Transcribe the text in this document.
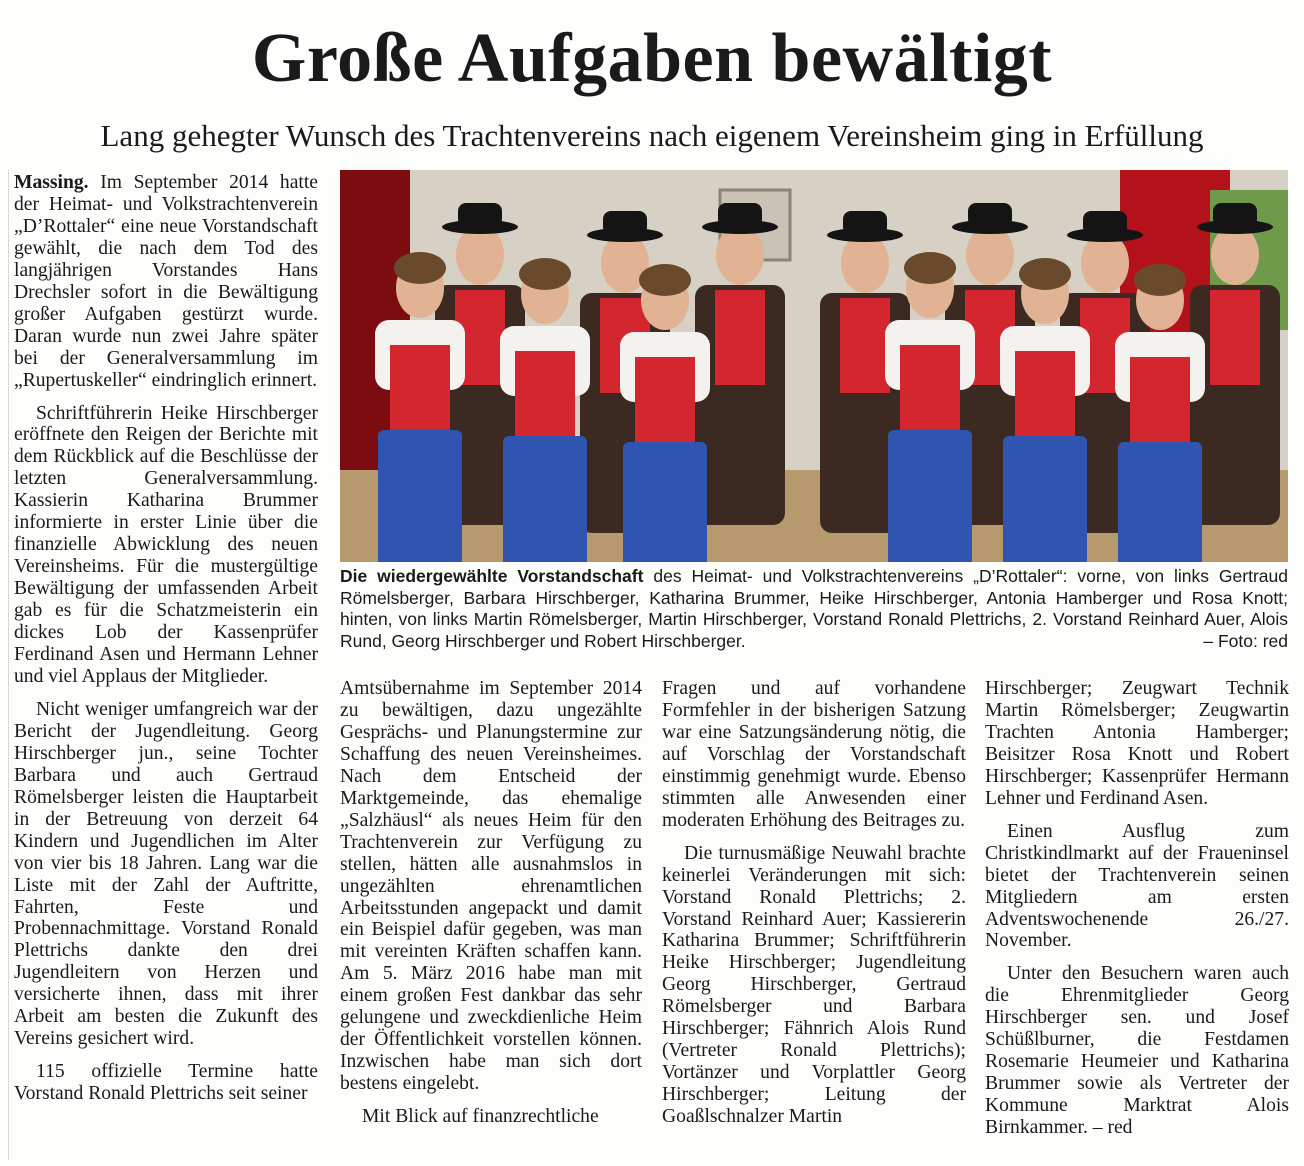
Große Aufgaben bewältigt
Lang gehegter Wunsch des Trachtenvereins nach eigenem Vereinsheim ging in Erfüllung

Massing. Im September 2014 hatte der Heimat- und Volkstrachtenverein „D’Rottaler“ eine neue Vorstandschaft gewählt, die nach dem Tod des langjährigen Vorstandes Hans Drechsler sofort in die Bewältigung großer Aufgaben gestürzt wurde. Daran wurde nun zwei Jahre später bei der Generalversammlung im „Rupertuskeller“ eindringlich erinnert.

Schriftführerin Heike Hirschberger eröffnete den Reigen der Berichte mit dem Rückblick auf die Beschlüsse der letzten Generalversammlung. Kassierin Katharina Brummer informierte in erster Linie über die finanzielle Abwicklung des neuen Vereinsheims. Für die mustergültige Bewältigung der umfassenden Arbeit gab es für die Schatzmeisterin ein dickes Lob der Kassenprüfer Ferdinand Asen und Hermann Lehner und viel Applaus der Mitglieder.

Nicht weniger umfangreich war der Bericht der Jugendleitung. Georg Hirschberger jun., seine Tochter Barbara und auch Gertraud Römelsberger leisten die Hauptarbeit in der Betreuung von derzeit 64 Kindern und Jugendlichen im Alter von vier bis 18 Jahren. Lang war die Liste mit der Zahl der Auftritte, Fahrten, Feste und Probennachmittage. Vorstand Ronald Plettrichs dankte den drei Jugendleitern von Herzen und versicherte ihnen, dass mit ihrer Arbeit am besten die Zukunft des Vereins gesichert wird.

115 offizielle Termine hatte Vorstand Ronald Plettrichs seit seiner

Die wiedergewählte Vorstandschaft des Heimat- und Volkstrachtenvereins „D’Rottaler“: vorne, von links Gertraud Römelsberger, Barbara Hirschberger, Katharina Brummer, Heike Hirschberger, Antonia Hamberger und Rosa Knott; hinten, von links Martin Römelsberger, Martin Hirschberger, Vorstand Ronald Plettrichs, 2. Vorstand Reinhard Auer, Alois Rund, Georg Hirschberger und Robert Hirschberger.	– Foto: red

Amtsübernahme im September 2014 zu bewältigen, dazu ungezählte Gesprächs- und Planungstermine zur Schaffung des neuen Vereinsheimes. Nach dem Entscheid der Marktgemeinde, das ehemalige „Salzhäusl“ als neues Heim für den Trachtenverein zur Verfügung zu stellen, hätten alle ausnahmslos in ungezählten ehrenamtlichen Arbeitsstunden angepackt und damit ein Beispiel dafür gegeben, was man mit vereinten Kräften schaffen kann. Am 5. März 2016 habe man mit einem großen Fest dankbar das sehr gelungene und zweckdienliche Heim der Öffentlichkeit vorstellen können. Inzwischen habe man sich dort bestens eingelebt.

Mit Blick auf finanzrechtliche

Fragen und auf vorhandene Formfehler in der bisherigen Satzung war eine Satzungsänderung nötig, die auf Vorschlag der Vorstandschaft einstimmig genehmigt wurde. Ebenso stimmten alle Anwesenden einer moderaten Erhöhung des Beitrages zu.

Die turnusmäßige Neuwahl brachte keinerlei Veränderungen mit sich: Vorstand Ronald Plettrichs; 2. Vorstand Reinhard Auer; Kassiererin Katharina Brummer; Schriftführerin Heike Hirschberger; Jugendleitung Georg Hirschberger, Gertraud Römelsberger und Barbara Hirschberger; Fähnrich Alois Rund (Vertreter Ronald Plettrichs); Vortänzer und Vorplattler Georg Hirschberger; Leitung der Goaßlschnalzer Martin

Hirschberger; Zeugwart Technik Martin Römelsberger; Zeugwartin Trachten Antonia Hamberger; Beisitzer Rosa Knott und Robert Hirschberger; Kassenprüfer Hermann Lehner und Ferdinand Asen.

Einen Ausflug zum Christkindlmarkt auf der Fraueninsel bietet der Trachtenverein seinen Mitgliedern am ersten Adventswochenende 26./27. November.

Unter den Besuchern waren auch die Ehrenmitglieder Georg Hirschberger sen. und Josef Schüßlburner, die Festdamen Rosemarie Heumeier und Katharina Brummer sowie als Vertreter der Kommune Marktrat Alois Birnkammer. – red
